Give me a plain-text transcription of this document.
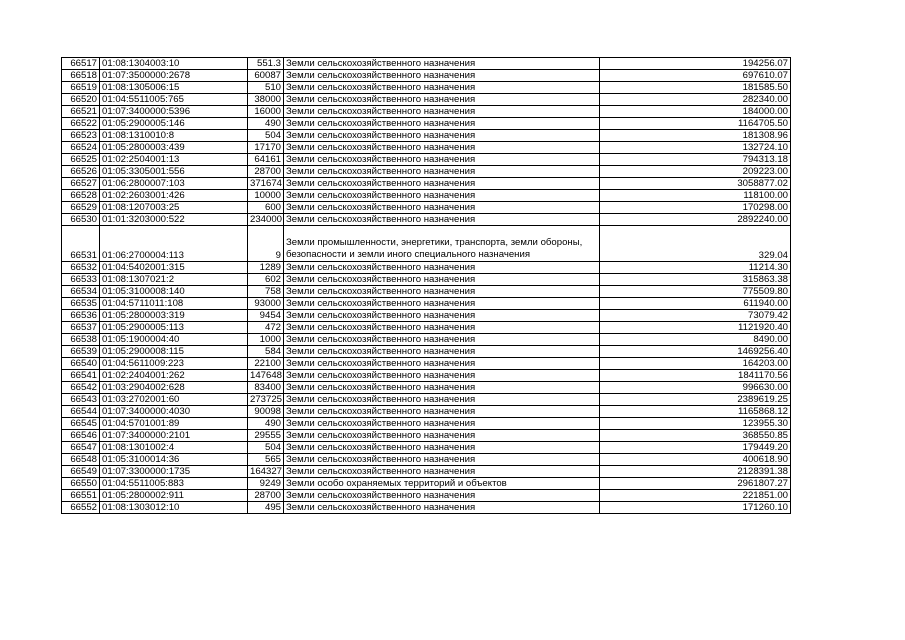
66517	01:08:1304003:10	551.3	Земли сельскохозяйственного назначения	194256.07
66518	01:07:3500000:2678	60087	Земли сельскохозяйственного назначения	697610.07
66519	01:08:1305006:15	510	Земли сельскохозяйственного назначения	181585.50
66520	01:04:5511005:765	38000	Земли сельскохозяйственного назначения	282340.00
66521	01:07:3400000:5396	16000	Земли сельскохозяйственного назначения	184000.00
66522	01:05:2900005:146	490	Земли сельскохозяйственного назначения	1164705.50
66523	01:08:1310010:8	504	Земли сельскохозяйственного назначения	181308.96
66524	01:05:2800003:439	17170	Земли сельскохозяйственного назначения	132724.10
66525	01:02:2504001:13	64161	Земли сельскохозяйственного назначения	794313.18
66526	01:05:3305001:556	28700	Земли сельскохозяйственного назначения	209223.00
66527	01:06:2800007:103	371674	Земли сельскохозяйственного назначения	3058877.02
66528	01:02:2603001:426	10000	Земли сельскохозяйственного назначения	118100.00
66529	01:08:1207003:25	600	Земли сельскохозяйственного назначения	170298.00
66530	01:01:3203000:522	234000	Земли сельскохозяйственного назначения	2892240.00
66531	01:06:2700004:113	9	Земли промышленности, энергетики, транспорта, земли обороны, безопасности и земли иного специального назначения	329.04
66532	01:04:5402001:315	1289	Земли сельскохозяйственного назначения	11214.30
66533	01:08:1307021:2	602	Земли сельскохозяйственного назначения	315863.38
66534	01:05:3100008:140	758	Земли сельскохозяйственного назначения	775509.80
66535	01:04:5711011:108	93000	Земли сельскохозяйственного назначения	611940.00
66536	01:05:2800003:319	9454	Земли сельскохозяйственного назначения	73079.42
66537	01:05:2900005:113	472	Земли сельскохозяйственного назначения	1121920.40
66538	01:05:1900004:40	1000	Земли сельскохозяйственного назначения	8490.00
66539	01:05:2900008:115	584	Земли сельскохозяйственного назначения	1469256.40
66540	01:04:5611009:223	22100	Земли сельскохозяйственного назначения	164203.00
66541	01:02:2404001:262	147648	Земли сельскохозяйственного назначения	1841170.56
66542	01:03:2904002:628	83400	Земли сельскохозяйственного назначения	996630.00
66543	01:03:2702001:60	273725	Земли сельскохозяйственного назначения	2389619.25
66544	01:07:3400000:4030	90098	Земли сельскохозяйственного назначения	1165868.12
66545	01:04:5701001:89	490	Земли сельскохозяйственного назначения	123955.30
66546	01:07:3400000:2101	29555	Земли сельскохозяйственного назначения	368550.85
66547	01:08:1301002:4	504	Земли сельскохозяйственного назначения	179449.20
66548	01:05:3100014:36	565	Земли сельскохозяйственного назначения	400618.90
66549	01:07:3300000:1735	164327	Земли сельскохозяйственного назначения	2128391.38
66550	01:04:5511005:883	9249	Земли особо охраняемых территорий и объектов	2961807.27
66551	01:05:2800002:911	28700	Земли сельскохозяйственного назначения	221851.00
66552	01:08:1303012:10	495	Земли сельскохозяйственного назначения	171260.10
